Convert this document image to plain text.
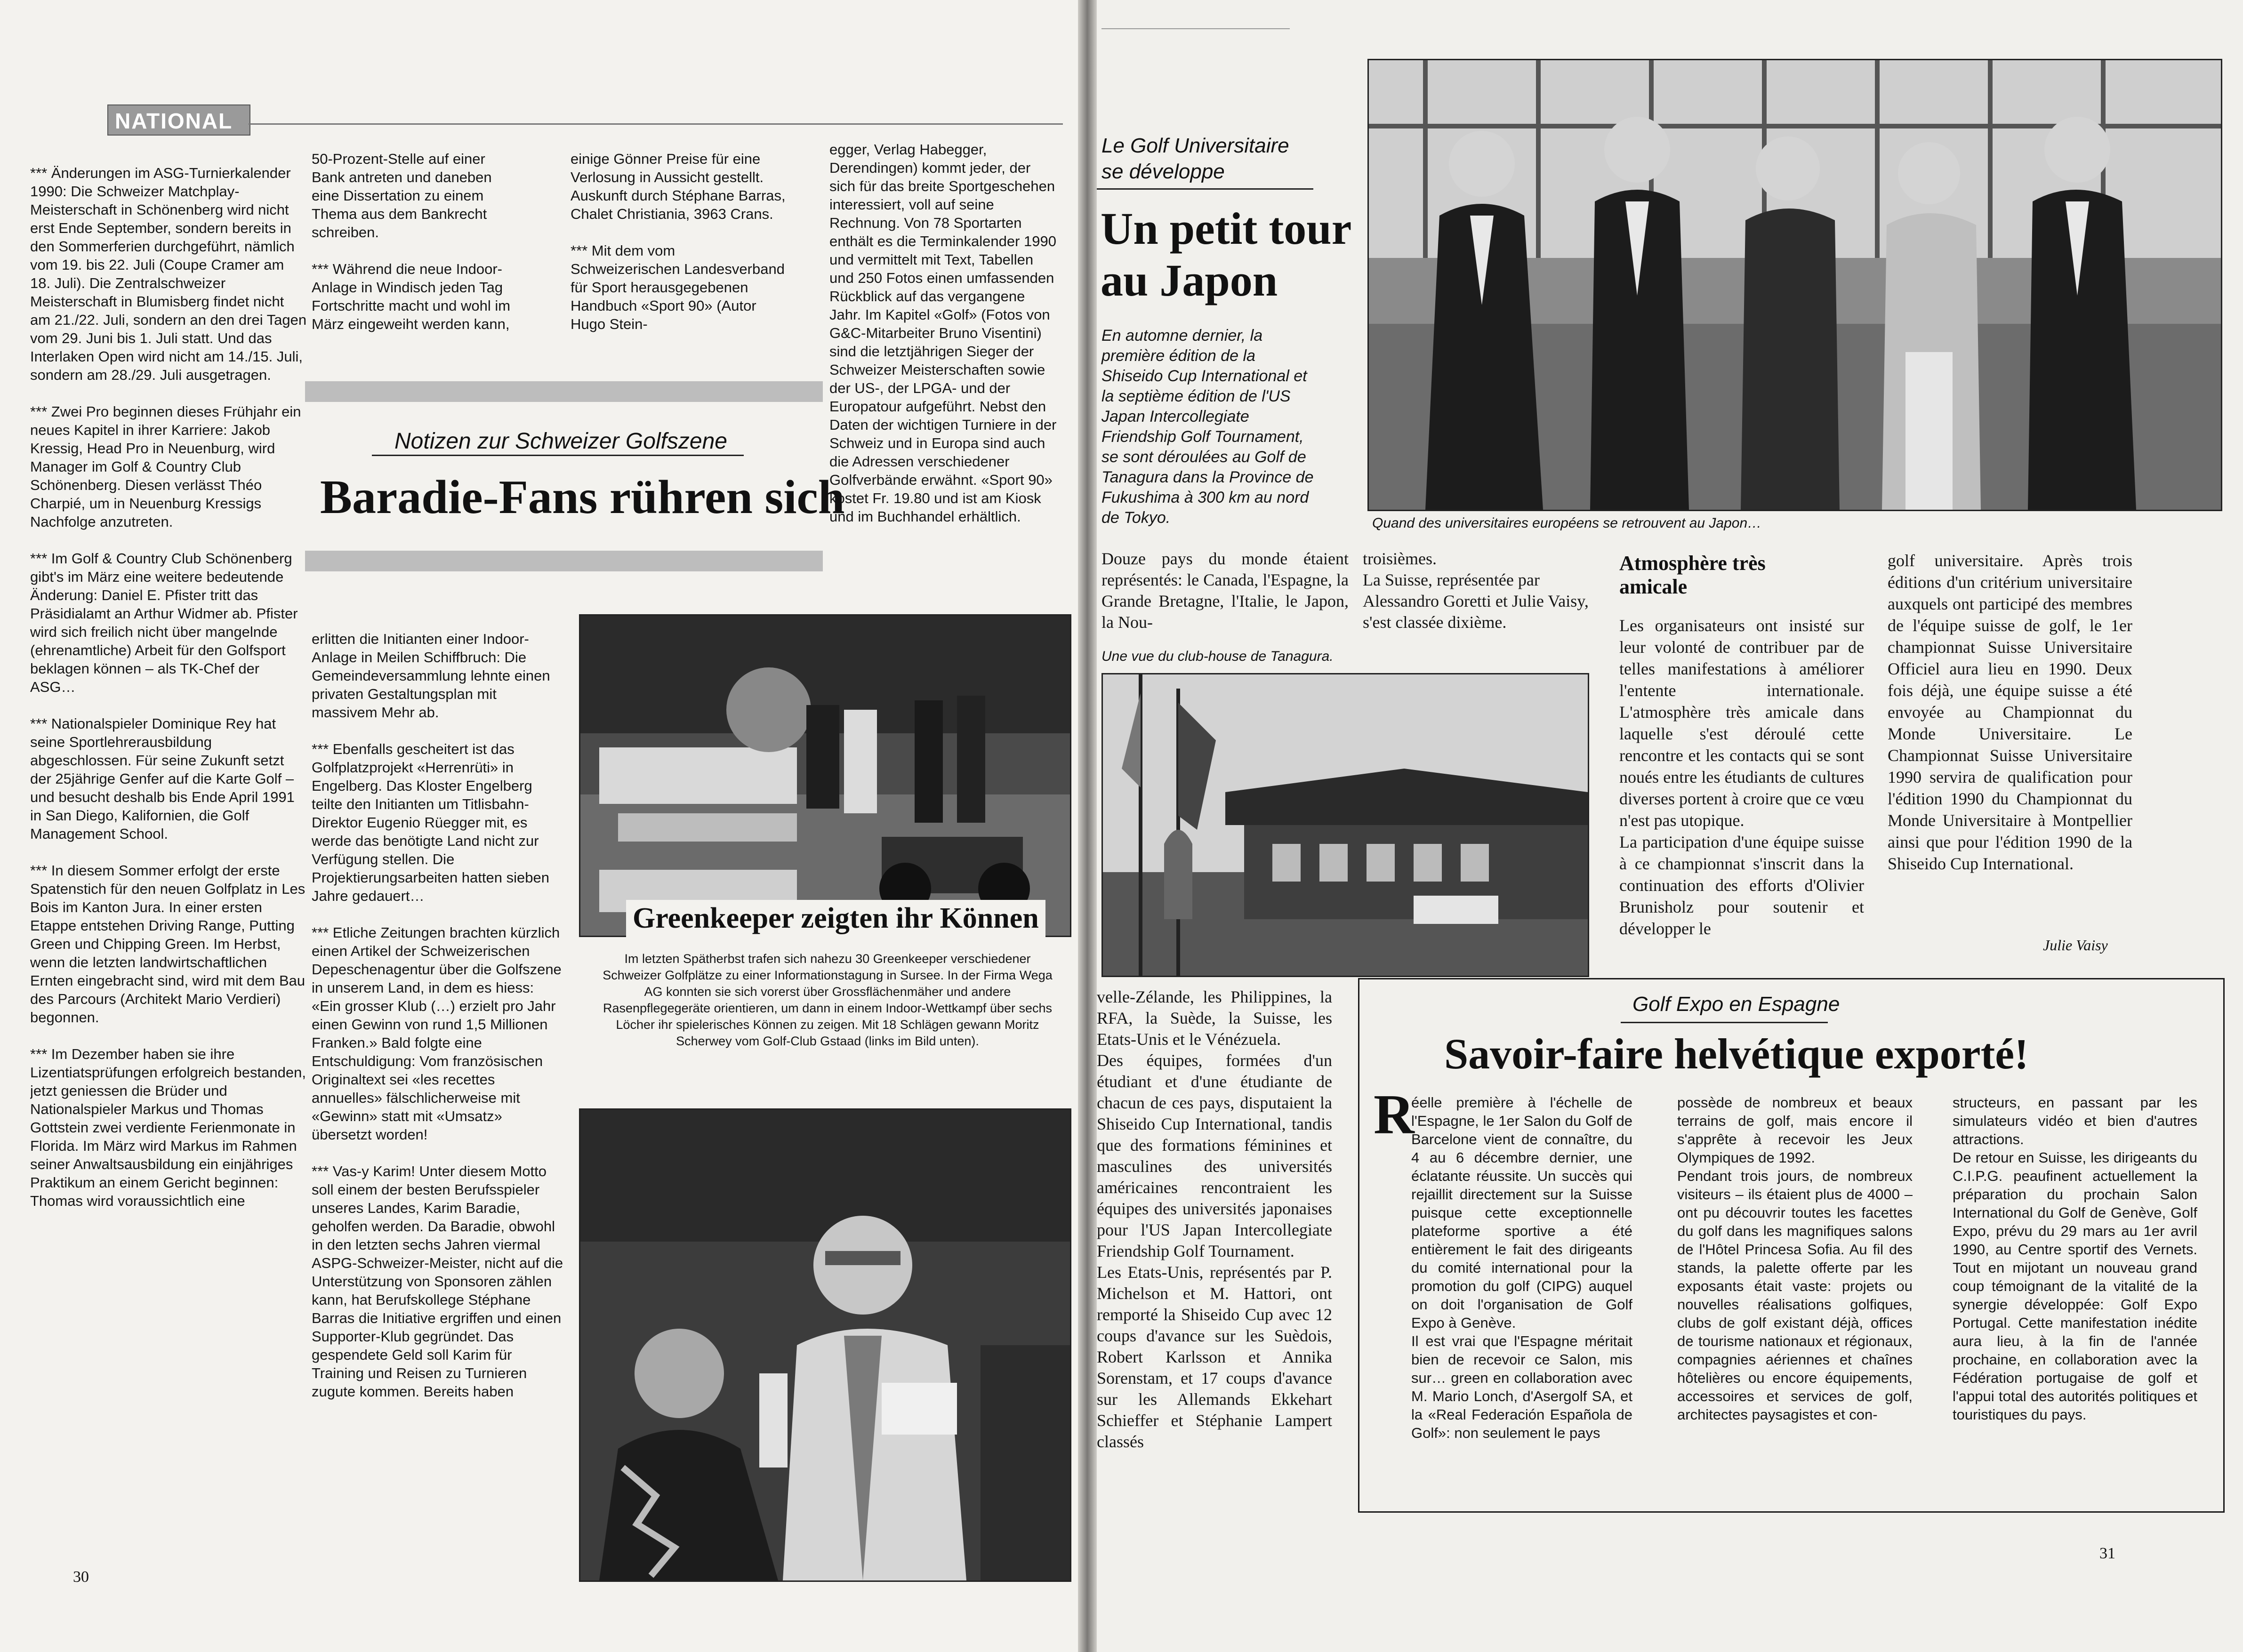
NATIONAL
*** Änderungen im ASG-Turnierkalender 1990: Die Schweizer Matchplay-Meisterschaft in Schönenberg wird nicht erst Ende September, sondern bereits in den Sommerferien durchgeführt, nämlich vom 19. bis 22. Juli (Coupe Cramer am 18. Juli). Die Zentralschweizer Meisterschaft in Blumisberg findet nicht am 21./22. Juli, sondern an den drei Tagen vom 29. Juni bis 1. Juli statt. Und das Interlaken Open wird nicht am 14./15. Juli, sondern am 28./29. Juli ausgetragen.

*** Zwei Pro beginnen dieses Frühjahr ein neues Kapitel in ihrer Karriere: Jakob Kressig, Head Pro in Neuenburg, wird Manager im Golf & Country Club Schönenberg. Diesen verlässt Théo Charpié, um in Neuenburg Kressigs Nachfolge anzutreten.

*** Im Golf & Country Club Schönenberg gibt's im März eine weitere bedeutende Änderung: Daniel E. Pfister tritt das Präsidialamt an Arthur Widmer ab. Pfister wird sich freilich nicht über mangelnde (ehrenamtliche) Arbeit für den Golfsport beklagen können – als TK-Chef der ASG…

*** Nationalspieler Dominique Rey hat seine Sportlehrerausbildung abgeschlossen. Für seine Zukunft setzt der 25jährige Genfer auf die Karte Golf – und besucht deshalb bis Ende April 1991 in San Diego, Kalifornien, die Golf Management School.

*** In diesem Sommer erfolgt der erste Spatenstich für den neuen Golfplatz in Les Bois im Kanton Jura. In einer ersten Etappe entstehen Driving Range, Putting Green und Chipping Green. Im Herbst, wenn die letzten landwirtschaftlichen Ernten eingebracht sind, wird mit dem Bau des Parcours (Architekt Mario Verdieri) begonnen.

*** Im Dezember haben sie ihre Lizentiatsprüfungen erfolgreich bestanden, jetzt geniessen die Brüder und Nationalspieler Markus und Thomas Gottstein zwei verdiente Ferienmonate in Florida. Im März wird Markus im Rahmen seiner Anwaltsausbildung ein einjähriges Praktikum an einem Gericht beginnen: Thomas wird voraussichtlich eine
50-Prozent-Stelle auf einer Bank antreten und daneben eine Dissertation zu einem Thema aus dem Bankrecht schreiben.

*** Während die neue Indoor-Anlage in Windisch jeden Tag Fortschritte macht und wohl im März eingeweiht werden kann,
einige Gönner Preise für eine Verlosung in Aussicht gestellt. Auskunft durch Stéphane Barras, Chalet Christiania, 3963 Crans.

*** Mit dem vom Schweizerischen Landesverband für Sport herausgegebenen Handbuch «Sport 90» (Autor Hugo Stein-
egger, Verlag Habegger, Derendingen) kommt jeder, der sich für das breite Sportgeschehen interessiert, voll auf seine Rechnung. Von 78 Sportarten enthält es die Terminkalender 1990 und vermittelt mit Text, Tabellen und 250 Fotos einen umfassenden Rückblick auf das vergangene Jahr. Im Kapitel «Golf» (Fotos von G&C-Mitarbeiter Bruno Visentini) sind die letztjährigen Sieger der Schweizer Meisterschaften sowie der US-, der LPGA- und der Europatour aufgeführt. Nebst den Daten der wichtigen Turniere in der Schweiz und in Europa sind auch die Adressen verschiedener Golfverbände erwähnt. «Sport 90» kostet Fr. 19.80 und ist am Kiosk und im Buchhandel erhältlich.
Notizen zur Schweizer Golfszene
Baradie-Fans rühren sich
erlitten die Initianten einer Indoor-Anlage in Meilen Schiffbruch: Die Gemeindeversammlung lehnte einen privaten Gestaltungsplan mit massivem Mehr ab.

*** Ebenfalls gescheitert ist das Golfplatzprojekt «Herrenrüti» in Engelberg. Das Kloster Engelberg teilte den Initianten um Titlisbahn-Direktor Eugenio Rüegger mit, es werde das benötigte Land nicht zur Verfügung stellen. Die Projektierungsarbeiten hatten sieben Jahre gedauert…

*** Etliche Zeitungen brachten kürzlich einen Artikel der Schweizerischen Depeschenagentur über die Golfszene in unserem Land, in dem es hiess: «Ein grosser Klub (…) erzielt pro Jahr einen Gewinn von rund 1,5 Millionen Franken.» Bald folgte eine Entschuldigung: Vom französischen Originaltext sei «les recettes annuelles» fälschlicherweise mit «Gewinn» statt mit «Umsatz» übersetzt worden!

*** Vas-y Karim! Unter diesem Motto soll einem der besten Berufsspieler unseres Landes, Karim Baradie, geholfen werden. Da Baradie, obwohl in den letzten sechs Jahren viermal ASPG-Schweizer-Meister, nicht auf die Unterstützung von Sponsoren zählen kann, hat Berufskollege Stéphane Barras die Initiative ergriffen und einen Supporter-Klub gegründet. Das gespendete Geld soll Karim für Training und Reisen zu Turnieren zugute kommen. Bereits haben
Greenkeeper zeigten ihr Können
Im letzten Spätherbst trafen sich nahezu 30 Greenkeeper verschiedener Schweizer Golfplätze zu einer Informationstagung in Sursee. In der Firma Wega AG konnten sie sich vorerst über Grossflächenmäher und andere Rasenpflegegeräte orientieren, um dann in einem Indoor-Wettkampf über sechs Löcher ihr spielerisches Können zu zeigen. Mit 18 Schlägen gewann Moritz Scherwey vom Golf-Club Gstaad (links im Bild unten).
30
Le Golf Universitaire
se développe
Un petit tour
au Japon
En automne dernier, la première édition de la Shiseido Cup International et la septième édition de l'US Japan Intercollegiate Friendship Golf Tournament, se sont déroulées au Golf de Tanagura dans la Province de Fukushima à 300 km au nord de Tokyo.	Quand des universitaires européens se retrouvent au Japon…
Douze pays du monde étaient représentés: le Canada, l'Espagne, la Grande Bretagne, l'Italie, le Japon, la Nou-
troisièmes.
La Suisse, représentée par Alessandro Goretti et Julie Vaisy, s'est classée dixième.
Une vue du club-house de Tanagura.
Atmosphère très amicale
Les organisateurs ont insisté sur leur volonté de contribuer par de telles manifestations à améliorer l'entente internationale. L'atmosphère très amicale dans laquelle s'est déroulé cette rencontre et les contacts qui se sont noués entre les étudiants de cultures diverses portent à croire que ce vœu n'est pas utopique.
La participation d'une équipe suisse à ce championnat s'inscrit dans la continuation des efforts d'Olivier Brunisholz pour soutenir et développer le
golf universitaire. Après trois éditions d'un critérium universitaire auxquels ont participé des membres de l'équipe suisse de golf, le 1er championnat Suisse Universitaire Officiel aura lieu en 1990. Deux fois déjà, une équipe suisse a été envoyée au Championnat du Monde Universitaire. Le Championnat Suisse Universitaire 1990 servira de qualification pour l'édition 1990 du Championnat du Monde Universitaire à Montpellier ainsi que pour l'édition 1990 de la Shiseido Cup International.
Julie Vaisy
velle-Zélande, les Philippines, la RFA, la Suède, la Suisse, les Etats-Unis et le Vénézuela.
Des équipes, formées d'un étudiant et d'une étudiante de chacun de ces pays, disputaient la Shiseido Cup International, tandis que des formations féminines et masculines des universités américaines rencontraient les équipes des universités japonaises pour l'US Japan Intercollegiate Friendship Golf Tournament.
Les Etats-Unis, représentés par P. Michelson et M. Hattori, ont remporté la Shiseido Cup avec 12 coups d'avance sur les Suèdois, Robert Karlsson et Annika Sorenstam, et 17 coups d'avance sur les Allemands Ekkehart Schieffer et Stéphanie Lampert classés
Golf Expo en Espagne
Savoir-faire helvétique exporté!
R
éelle première à l'échelle de l'Espagne, le 1er Salon du Golf de Barcelone vient de connaître, du 4 au 6 décembre dernier, une éclatante réussite. Un succès qui rejaillit directement sur la Suisse puisque cette exceptionnelle plateforme sportive a été entièrement le fait des dirigeants du comité international pour la promotion du golf (CIPG) auquel on doit l'organisation de Golf Expo à Genève.
Il est vrai que l'Espagne méritait bien de recevoir ce Salon, mis sur… green en collaboration avec M. Mario Lonch, d'Asergolf SA, et la «Real Federación Española de Golf»: non seulement le pays
possède de nombreux et beaux terrains de golf, mais encore il s'apprête à recevoir les Jeux Olympiques de 1992.
Pendant trois jours, de nombreux visiteurs – ils étaient plus de 4000 – ont pu découvrir toutes les facettes du golf dans les magnifiques salons de l'Hôtel Princesa Sofia. Au fil des stands, la palette offerte par les exposants était vaste: projets ou nouvelles réalisations golfiques, clubs de golf existant déjà, offices de tourisme nationaux et régionaux, compagnies aériennes et chaînes hôtelières ou encore équipements, accessoires et services de golf, architectes paysagistes et con-
structeurs, en passant par les simulateurs vidéo et bien d'autres attractions.
De retour en Suisse, les dirigeants du C.I.P.G. peaufinent actuellement la préparation du prochain Salon International du Golf de Genève, Golf Expo, prévu du 29 mars au 1er avril 1990, au Centre sportif des Vernets. Tout en mijotant un nouveau grand coup témoignant de la vitalité de la synergie développée: Golf Expo Portugal. Cette manifestation inédite aura lieu, à la fin de l'année prochaine, en collaboration avec la Fédération portugaise de golf et l'appui total des autorités politiques et touristiques du pays.
31
